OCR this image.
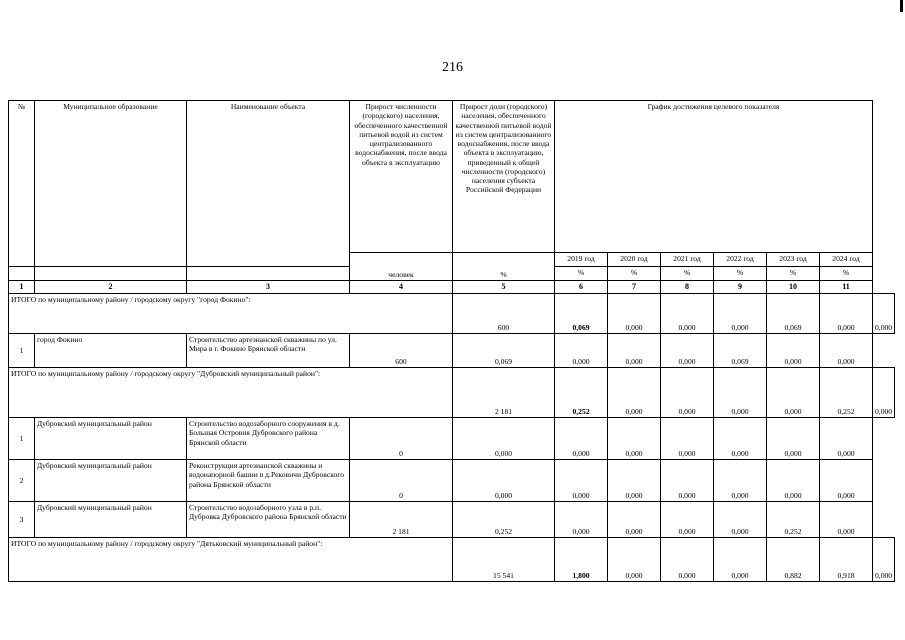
216
№	Муниципальное образование	Наименование объекта	Прирост численности (городского) населения, обеспеченного качественной питьевой водой из систем централизованного водоснабжения, после ввода объекта в эксплуатацию	Прирост доли (городского) населения, обеспеченного качественной питьевой водой из систем централизованного водоснабжения, после ввода объекта в эксплуатацию, приведенный к общей численности (городского) населения субъекта Российской Федерации	График достижения целевого показателя						
			человек	%	2019 год	2020 год	2021 год	2022 год	2023 год	2024 год	
					%	%	%	%	%	%	
1	2	3	4	5	6	7	8	9	10	11	
ИТОГО по муниципальному району / городскому округу "город Фокино":				600	0,069	0,000	0,000	0,000	0,069	0,000	0,000
1	город Фокино	Строительство артезианской скважины по ул. Мира в г. Фокино Брянской области	600	0,069	0,000	0,000	0,000	0,069	0,000	0,000	
ИТОГО по муниципальному району / городскому округу "Дубровский муниципальный район":				2 181	0,252	0,000	0,000	0,000	0,000	0,252	0,000
1	Дубровский муниципальный район	Строительство водозаборного сооружения в д. Большая Островня Дубровского района Брянской области	0	0,000	0,000	0,000	0,000	0,000	0,000	0,000	
2	Дубровский муниципальный район	Реконструкция артезианской скважины и водонапорной башни в д.Рековичи Дубровского района Брянской области	0	0,000	0,000	0,000	0,000	0,000	0,000	0,000	
3	Дубровский муниципальный район	Строительство водозаборного узла в р.п. Дубровка Дубровского района Брянской области	2 181	0,252	0,000	0,000	0,000	0,000	0,252	0,000	
ИТОГО по муниципальному району / городскому округу "Дятьковский муниципальный район":				15 541	1,800	0,000	0,000	0,000	0,882	0,918	0,000
